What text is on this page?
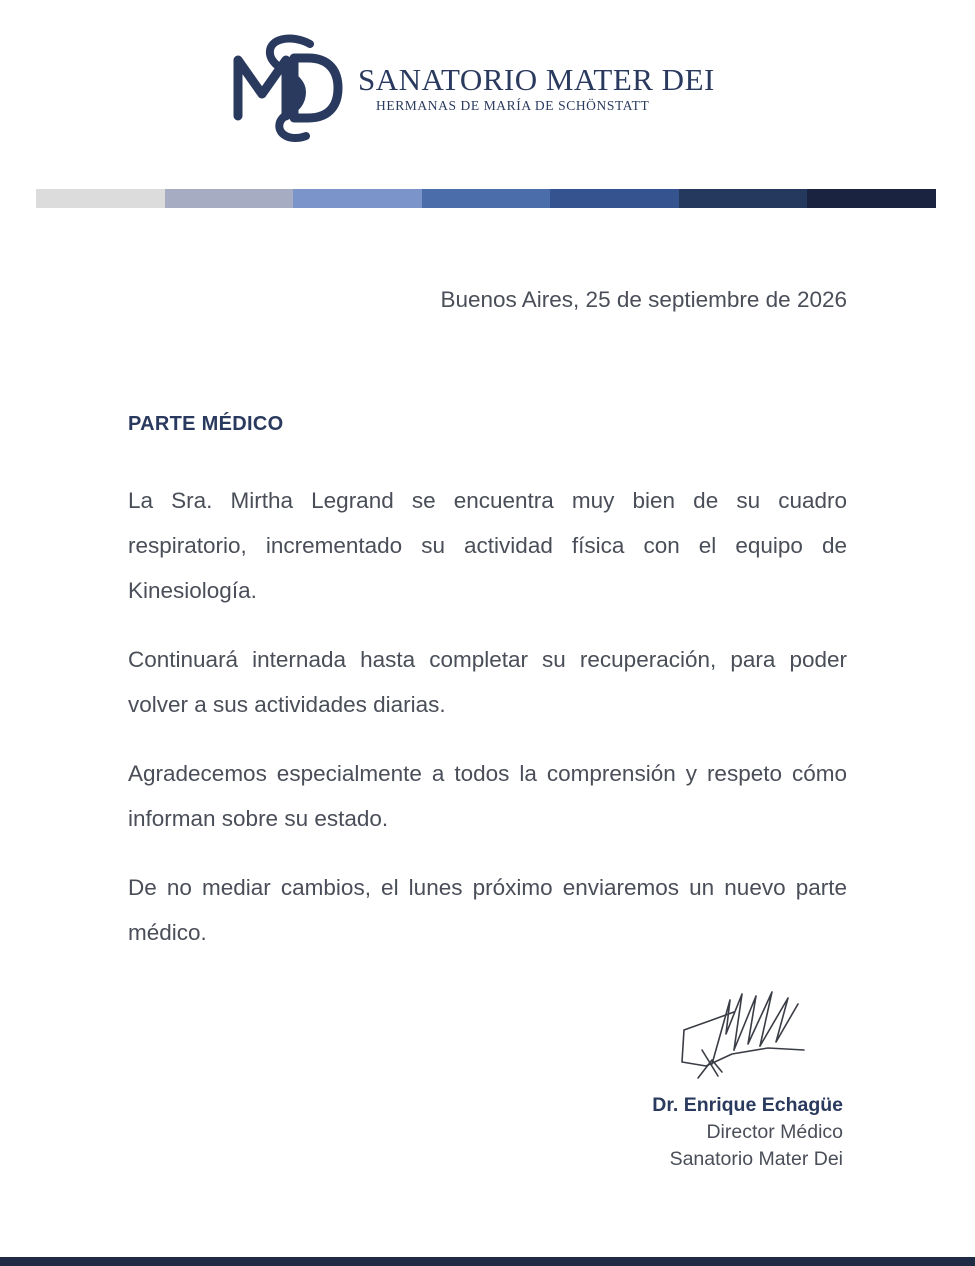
SANATORIO MATER DEI
HERMANAS DE MARÍA DE SCHÖNSTATT
Buenos Aires, 25 de septiembre de 2026
PARTE MÉDICO

La Sra. Mirtha Legrand se encuentra muy bien de su cuadro respiratorio, incrementado su actividad física con el equipo de Kinesiología.

Continuará internada hasta completar su recuperación, para poder volver a sus actividades diarias.

Agradecemos especialmente a todos la comprensión y respeto cómo informan sobre su estado.

De no mediar cambios, el lunes próximo enviaremos un nuevo parte médico.

Dr. Enrique Echagüe
Director Médico
Sanatorio Mater Dei
